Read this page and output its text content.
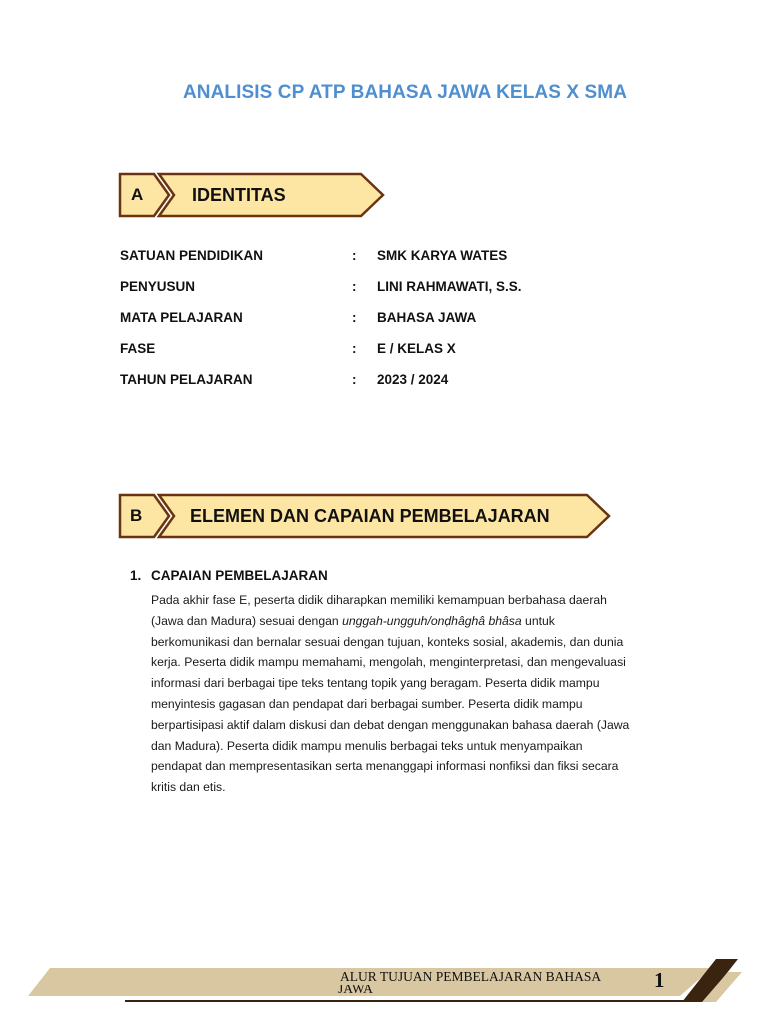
ANALISIS CP ATP BAHASA JAWA KELAS X SMA
A	IDENTITAS
SATUAN PENDIDIKAN	: SMK KARYA WATES
PENYUSUN	: LINI RAHMAWATI, S.S.
MATA PELAJARAN	: BAHASA JAWA
FASE	: E / KELAS X
TAHUN PELAJARAN	: 2023 / 2024
B	ELEMEN DAN CAPAIAN PEMBELAJARAN
1. CAPAIAN PEMBELAJARAN
Pada akhir fase E, peserta didik diharapkan memiliki kemampuan berbahasa daerah
(Jawa dan Madura) sesuai dengan unggah-ungguh/onḍhâghâ bhâsa untuk
berkomunikasi dan bernalar sesuai dengan tujuan, konteks sosial, akademis, dan dunia
kerja. Peserta didik mampu memahami, mengolah, menginterpretasi, dan mengevaluasi
informasi dari berbagai tipe teks tentang topik yang beragam. Peserta didik mampu
menyintesis gagasan dan pendapat dari berbagai sumber. Peserta didik mampu
berpartisipasi aktif dalam diskusi dan debat dengan menggunakan bahasa daerah (Jawa
dan Madura). Peserta didik mampu menulis berbagai teks untuk menyampaikan
pendapat dan mempresentasikan serta menanggapi informasi nonfiksi dan fiksi secara
kritis dan etis.
ALUR TUJUAN PEMBELAJARAN BAHASA
JAWA	1
